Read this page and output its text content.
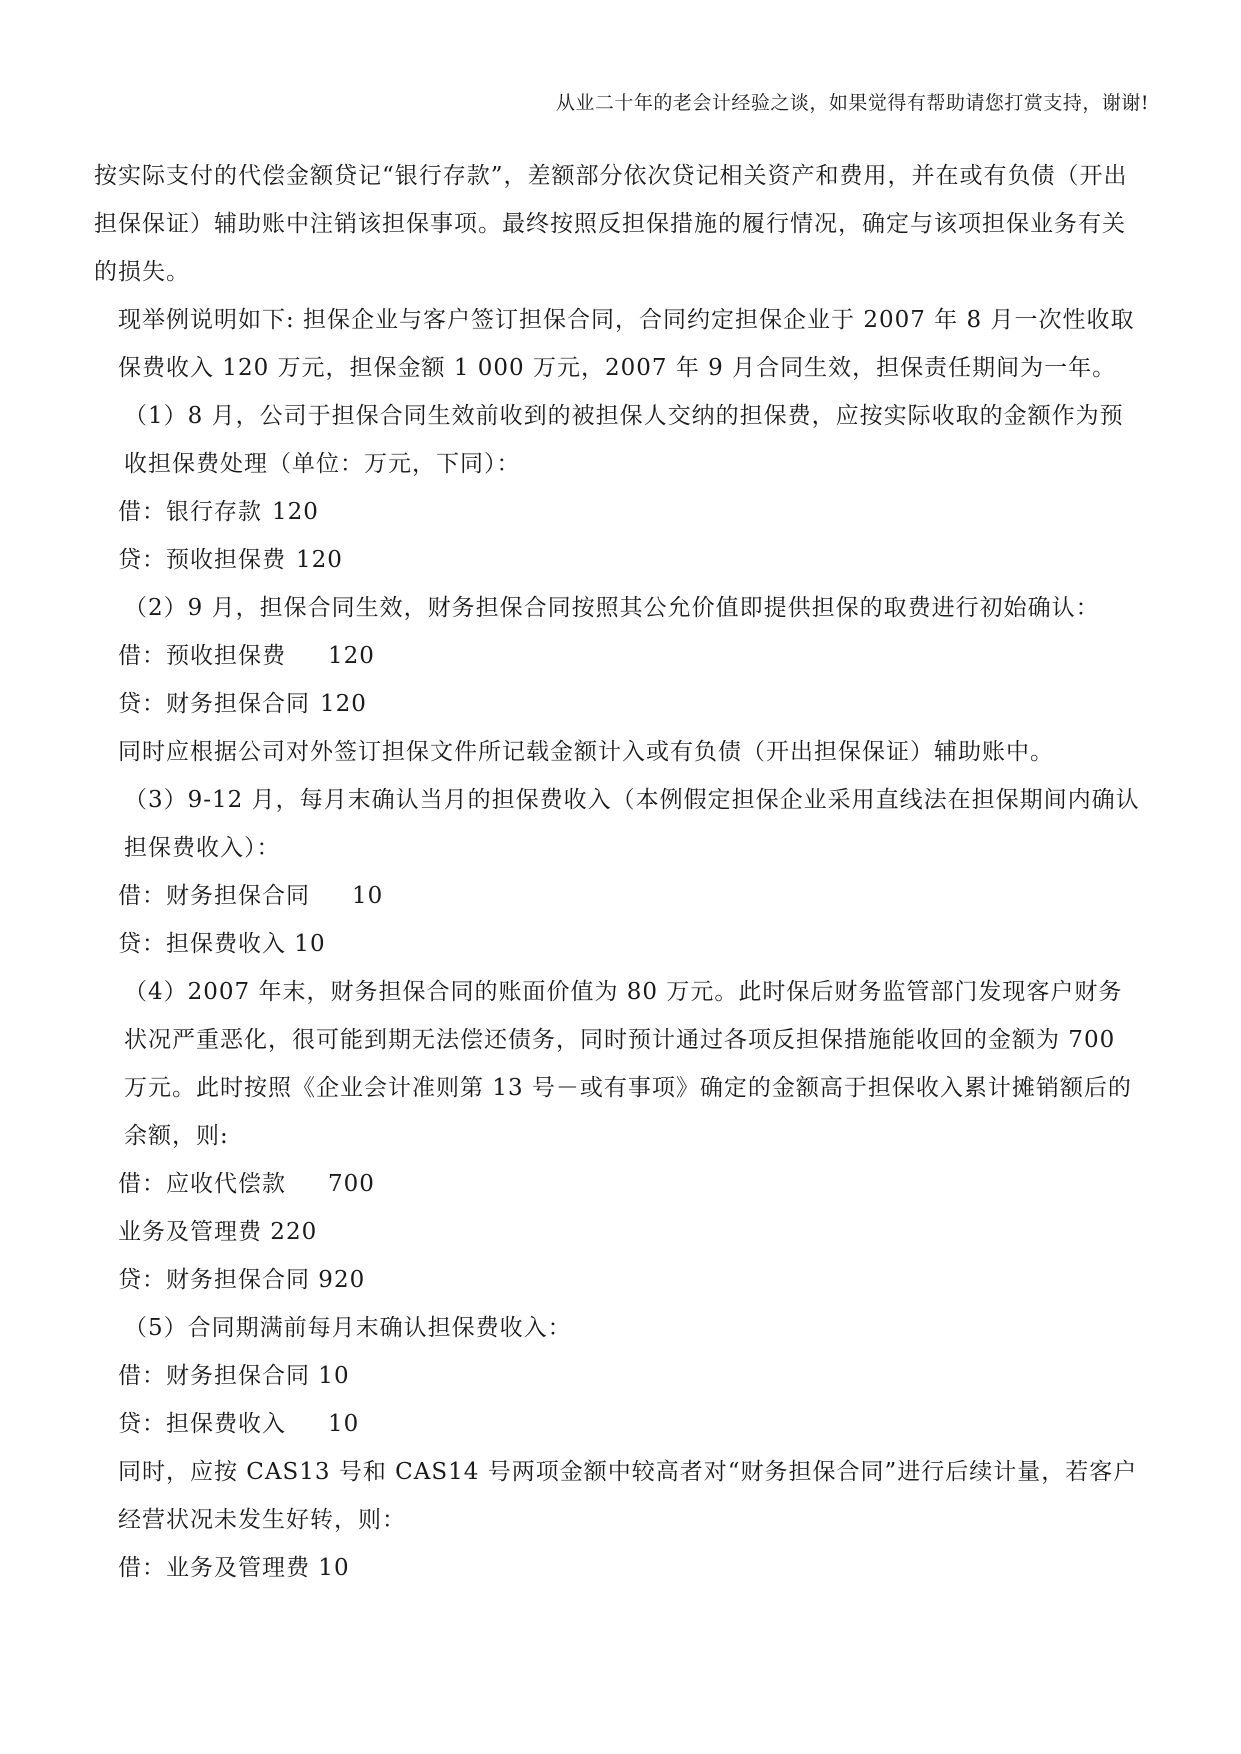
从业二十年的老会计经验之谈，如果觉得有帮助请您打赏支持，谢谢!

按实际支付的代偿金额贷记“银行存款”，差额部分依次贷记相关资产和费用，并在或有负债（开出担保保证）辅助账中注销该担保事项。最终按照反担保措施的履行情况，确定与该项担保业务有关的损失。

现举例说明如下: 担保企业与客户签订担保合同，合同约定担保企业于 2007 年 8 月一次性收取保费收入 120 万元，担保金额 1 000 万元，2007 年 9 月合同生效，担保责任期间为一年。

（1）8 月，公司于担保合同生效前收到的被担保人交纳的担保费，应按实际收取的金额作为预收担保费处理（单位：万元，下同）：

借：银行存款 120

贷：预收担保费 120

（2）9 月，担保合同生效，财务担保合同按照其公允价值即提供担保的取费进行初始确认：

借：预收担保费 120

贷：财务担保合同 120

同时应根据公司对外签订担保文件所记载金额计入或有负债（开出担保保证）辅助账中。

（3）9-12 月，每月末确认当月的担保费收入（本例假定担保企业采用直线法在担保期间内确认担保费收入）：

借：财务担保合同 10

贷：担保费收入 10

（4）2007 年末，财务担保合同的账面价值为 80 万元。此时保后财务监管部门发现客户财务状况严重恶化，很可能到期无法偿还债务，同时预计通过各项反担保措施能收回的金额为 700 万元。此时按照《企业会计准则第 13 号－或有事项》确定的金额高于担保收入累计摊销额后的余额，则:

借：应收代偿款 700

业务及管理费 220

贷：财务担保合同 920

（5）合同期满前每月末确认担保费收入：

借：财务担保合同 10

贷：担保费收入 10

同时，应按 CAS13 号和 CAS14 号两项金额中较高者对“财务担保合同”进行后续计量，若客户经营状况未发生好转，则：

借：业务及管理费 10
